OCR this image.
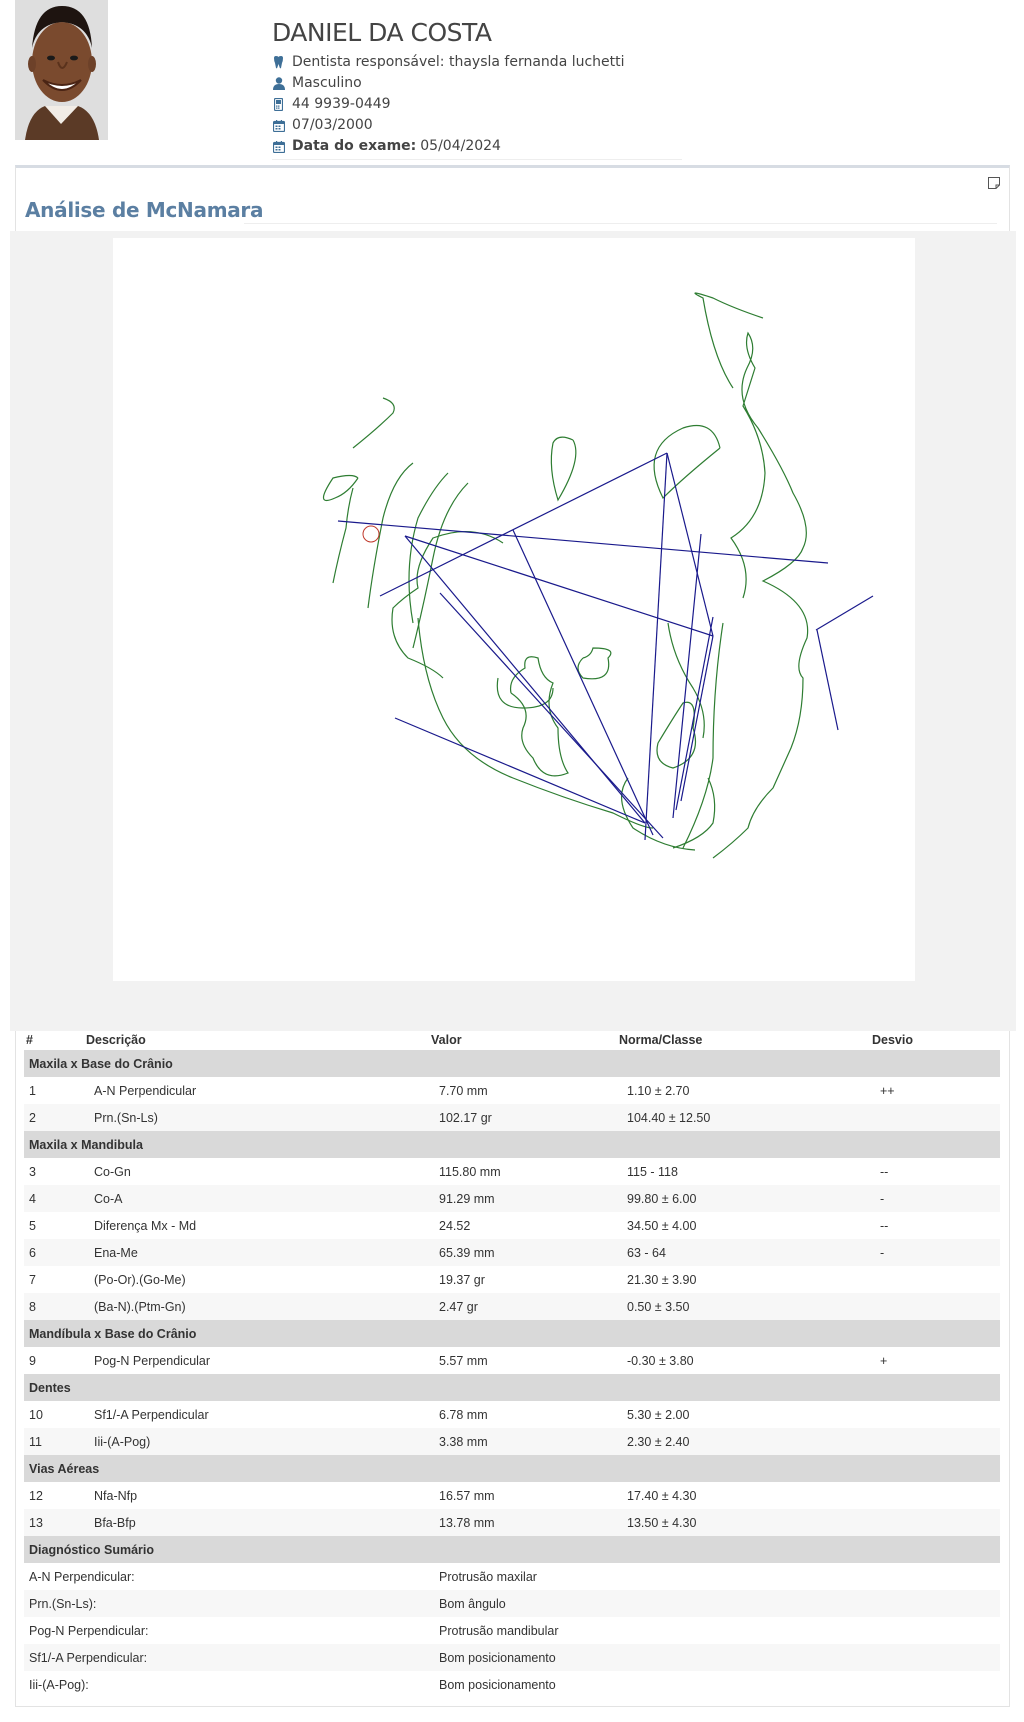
DANIEL DA COSTA
Dentista responsável:
thaysla fernanda luchetti
Masculino
44 9939-0449
07/03/2000
Data do exame: 05/04/2024
Análise de McNamara
#	Descrição	Valor	Norma/Classe	Desvio
Maxila x Base do Crânio				
1	A-N Perpendicular	7.70 mm	1.10 ± 2.70	++
2	Prn.(Sn-Ls)	102.17 gr	104.40 ± 12.50	
Maxila x Mandibula				
3	Co-Gn	115.80 mm	115 - 118	--
4	Co-A	91.29 mm	99.80 ± 6.00	-
5	Diferença Mx - Md	24.52	34.50 ± 4.00	--
6	Ena-Me	65.39 mm	63 - 64	-
7	(Po-Or).(Go-Me)	19.37 gr	21.30 ± 3.90	
8	(Ba-N).(Ptm-Gn)	2.47 gr	0.50 ± 3.50	
Mandíbula x Base do Crânio				
9	Pog-N Perpendicular	5.57 mm	-0.30 ± 3.80	+
Dentes				
10	Sf1/-A Perpendicular	6.78 mm	5.30 ± 2.00	
11	Iii-(A-Pog)	3.38 mm	2.30 ± 2.40	
Vias Aéreas				
12	Nfa-Nfp	16.57 mm	17.40 ± 4.30	
13	Bfa-Bfp	13.78 mm	13.50 ± 4.30	
Diagnóstico Sumário				
A-N Perpendicular:		Protrusão maxilar		
Prn.(Sn-Ls):		Bom ângulo		
Pog-N Perpendicular:		Protrusão mandibular		
Sf1/-A Perpendicular:		Bom posicionamento		
Iii-(A-Pog):		Bom posicionamento		
